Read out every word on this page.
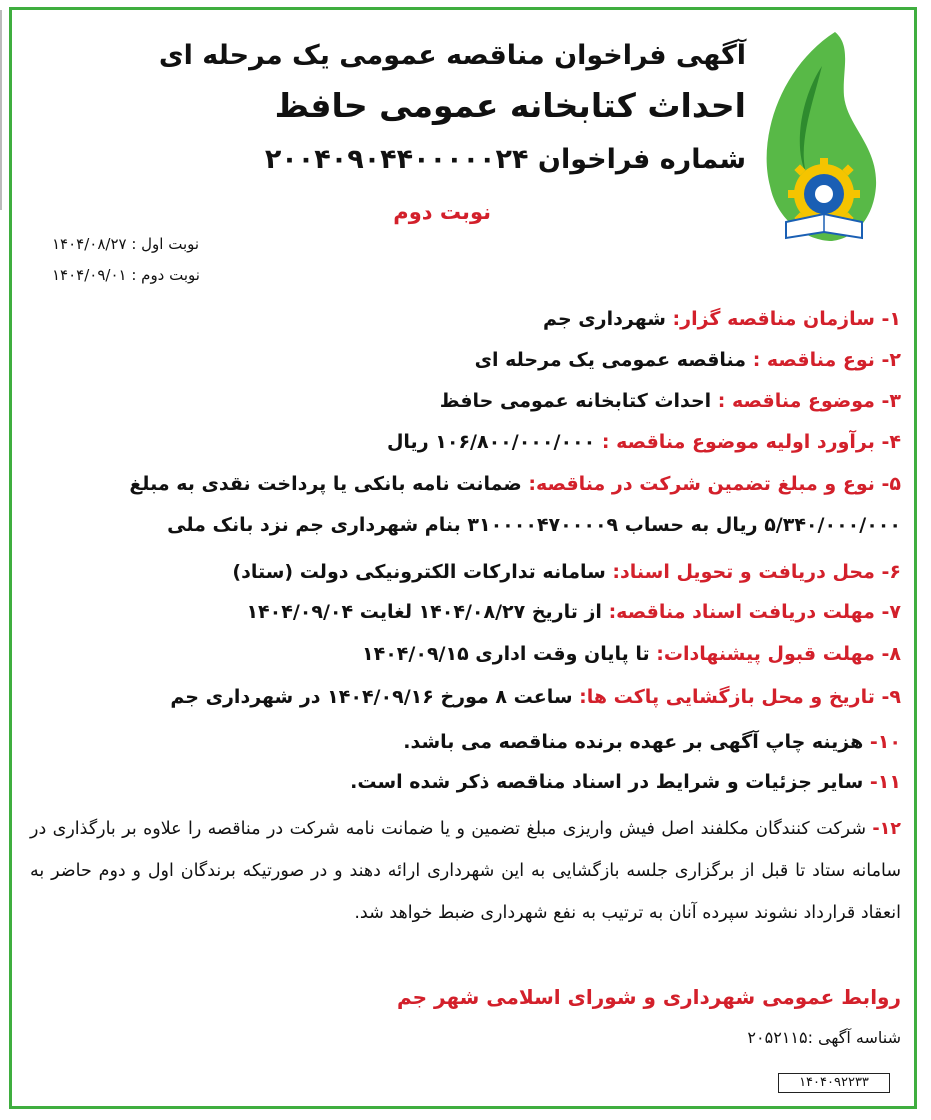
آگهی فراخوان مناقصه عمومی یک مرحله ای
احداث کتابخانه عمومی حافظ
شماره فراخوان ۲۰۰۴۰۹۰۴۴۰۰۰۰۰۲۴
نوبت دوم
نوبت اول : ۱۴۰۴/۰۸/۲۷
نوبت دوم : ۱۴۰۴/۰۹/۰۱
۱- سازمان مناقصه گزار: شهرداری جم
۲- نوع مناقصه : مناقصه عمومی یک مرحله ای
۳- موضوع مناقصه : احداث کتابخانه عمومی حافظ
۴- برآورد اولیه موضوع مناقصه : ۱۰۶/۸۰۰/۰۰۰/۰۰۰ ریال
۵- نوع و مبلغ تضمین شرکت در مناقصه: ضمانت نامه بانکی یا پرداخت نقدی به مبلغ
۵/۳۴۰/۰۰۰/۰۰۰ ریال به حساب ۳۱۰۰۰۰۴۷۰۰۰۰۹ بنام شهرداری جم نزد بانک ملی
۶- محل دریافت و تحویل اسناد: سامانه تدارکات الکترونیکی دولت (ستاد)
۷- مهلت دریافت اسناد مناقصه: از تاریخ ۱۴۰۴/۰۸/۲۷ لغایت ۱۴۰۴/۰۹/۰۴
۸- مهلت قبول پیشنهادات: تا پایان وقت اداری ۱۴۰۴/۰۹/۱۵
۹- تاریخ و محل بازگشایی پاکت ها: ساعت ۸ مورخ ۱۴۰۴/۰۹/۱۶ در شهرداری جم
۱۰- هزینه چاپ آگهی بر عهده برنده مناقصه می باشد.
۱۱- سایر جزئیات و شرایط در اسناد مناقصه ذکر شده است.
۱۲- شرکت کنندگان مکلفند اصل فیش واریزی مبلغ تضمین و یا ضمانت نامه شرکت در مناقصه را علاوه بر بارگذاری در سامانه ستاد تا قبل از برگزاری جلسه بازگشایی به این شهرداری ارائه دهند و در صورتیکه برندگان اول و دوم حاضر به انعقاد قرارداد نشوند سپرده آنان به ترتیب به نفع شهرداری ضبط خواهد شد.
روابط عمومی شهرداری و شورای اسلامی شهر جم
شناسه آگهی :۲۰۵۲۱۱۵
۱۴۰۴۰۹۲۲۳۳
